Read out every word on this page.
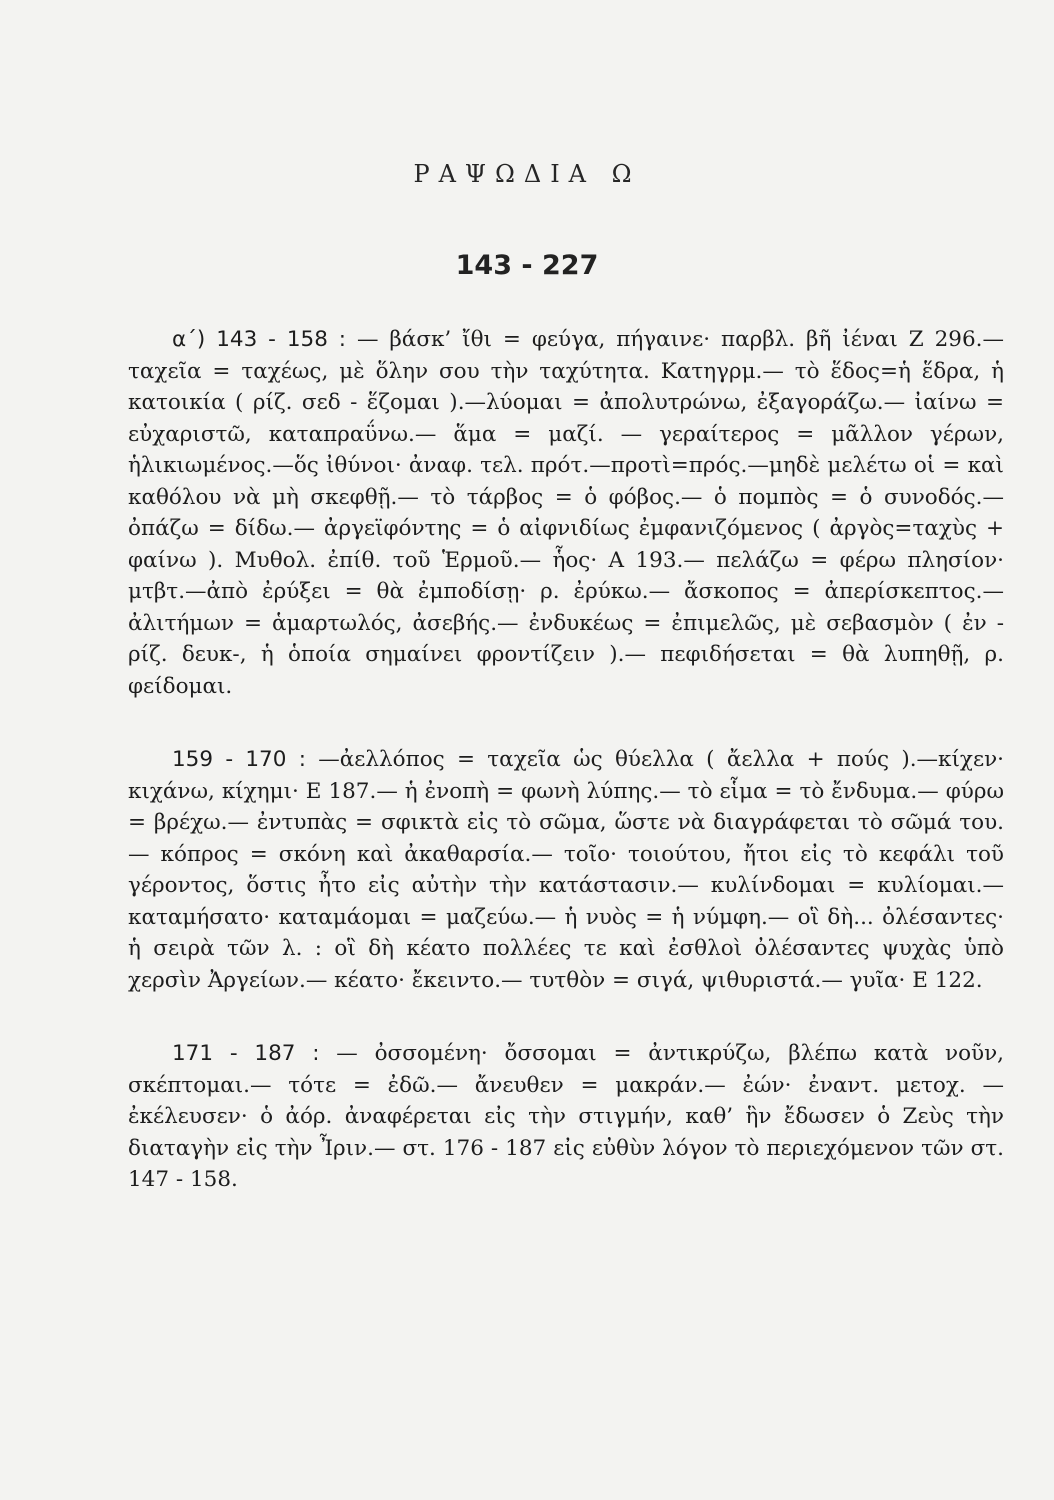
ΡΑΨΩΔΙΑ Ω
143 - 227

α΄) 143 - 158 : — βάσκ’ ἴθι = φεύγα, πήγαινε· παρβλ. βῆ ἰέναι Ζ 296.— ταχεῖα = ταχέως, μὲ ὅλην σου τὴν ταχύτητα. Κατηγρμ.— τὸ ἕδος=ἡ ἕδρα, ἡ κατοικία ( ρίζ. σεδ - ἕζομαι ).—λύομαι = ἀπολυτρώνω, ἐξαγοράζω.— ἰαίνω = εὐχαριστῶ, καταπραΰνω.— ἅμα = μαζί. — γεραίτερος = μᾶλλον γέρων, ἡλικιωμένος.—ὅς ἰθύνοι· ἀναφ. τελ. πρότ.—προτὶ=πρός.—μηδὲ μελέτω οἱ = καὶ καθόλου νὰ μὴ σκεφθῇ.— τὸ τάρβος = ὁ φόβος.— ὁ πομπὸς = ὁ συνοδός.— ὀπάζω = δίδω.— ἀργεϊφόντης = ὁ αἰφνιδίως ἐμφανιζόμενος ( ἀργὸς=ταχὺς + φαίνω ). Μυθολ. ἐπίθ. τοῦ Ἑρμοῦ.— ἧος· Α 193.— πελάζω = φέρω πλησίον· μτβτ.—ἀπὸ ἐρύξει = θὰ ἐμποδίσῃ· ρ. ἐρύκω.— ἄσκοπος = ἀπερίσκεπτος.— ἀλιτήμων = ἁμαρτωλός, ἀσεβής.— ἐνδυκέως = ἐπιμελῶς, μὲ σεβασμὸν ( ἐν - ρίζ. δευκ-, ἡ ὁποία σημαίνει φροντίζειν ).— πεφιδήσεται = θὰ λυπηθῇ, ρ. φείδομαι.

159 - 170 : —ἀελλόπος = ταχεῖα ὡς θύελλα ( ἄελλα + πούς ).—κίχεν· κιχάνω, κίχημι· Ε 187.— ἡ ἐνοπὴ = φωνὴ λύπης.— τὸ εἷμα = τὸ ἔνδυμα.— φύρω = βρέχω.— ἐντυπὰς = σφικτὰ εἰς τὸ σῶμα, ὥστε νὰ διαγράφεται τὸ σῶμά του.— κόπρος = σκόνη καὶ ἀκαθαρσία.— τοῖο· τοιούτου, ἤτοι εἰς τὸ κεφάλι τοῦ γέροντος, ὅστις ἦτο εἰς αὐτὴν τὴν κατάστασιν.— κυλίνδομαι = κυλίομαι.— καταμήσατο· καταμάομαι = μαζεύω.— ἡ νυὸς = ἡ νύμφη.— οἳ δὴ... ὀλέσαντες· ἡ σειρὰ τῶν λ. : οἳ δὴ κέατο πολλέες τε καὶ ἐσθλοὶ ὀλέσαντες ψυχὰς ὑπὸ χερσὶν Ἀργείων.— κέατο· ἔκειντο.— τυτθὸν = σιγά, ψιθυριστά.— γυῖα· Ε 122.

171 - 187 : — ὀσσομένη· ὄσσομαι = ἀντικρύζω, βλέπω κατὰ νοῦν, σκέπτομαι.— τότε = ἐδῶ.— ἄνευθεν = μακράν.— ἐών· ἐναντ. μετοχ. — ἐκέλευσεν· ὁ ἀόρ. ἀναφέρεται εἰς τὴν στιγμήν, καθ’ ἣν ἔδωσεν ὁ Ζεὺς τὴν διαταγὴν εἰς τὴν Ἶριν.— στ. 176 - 187 εἰς εὐθὺν λόγον τὸ περιεχόμενον τῶν στ. 147 - 158.
